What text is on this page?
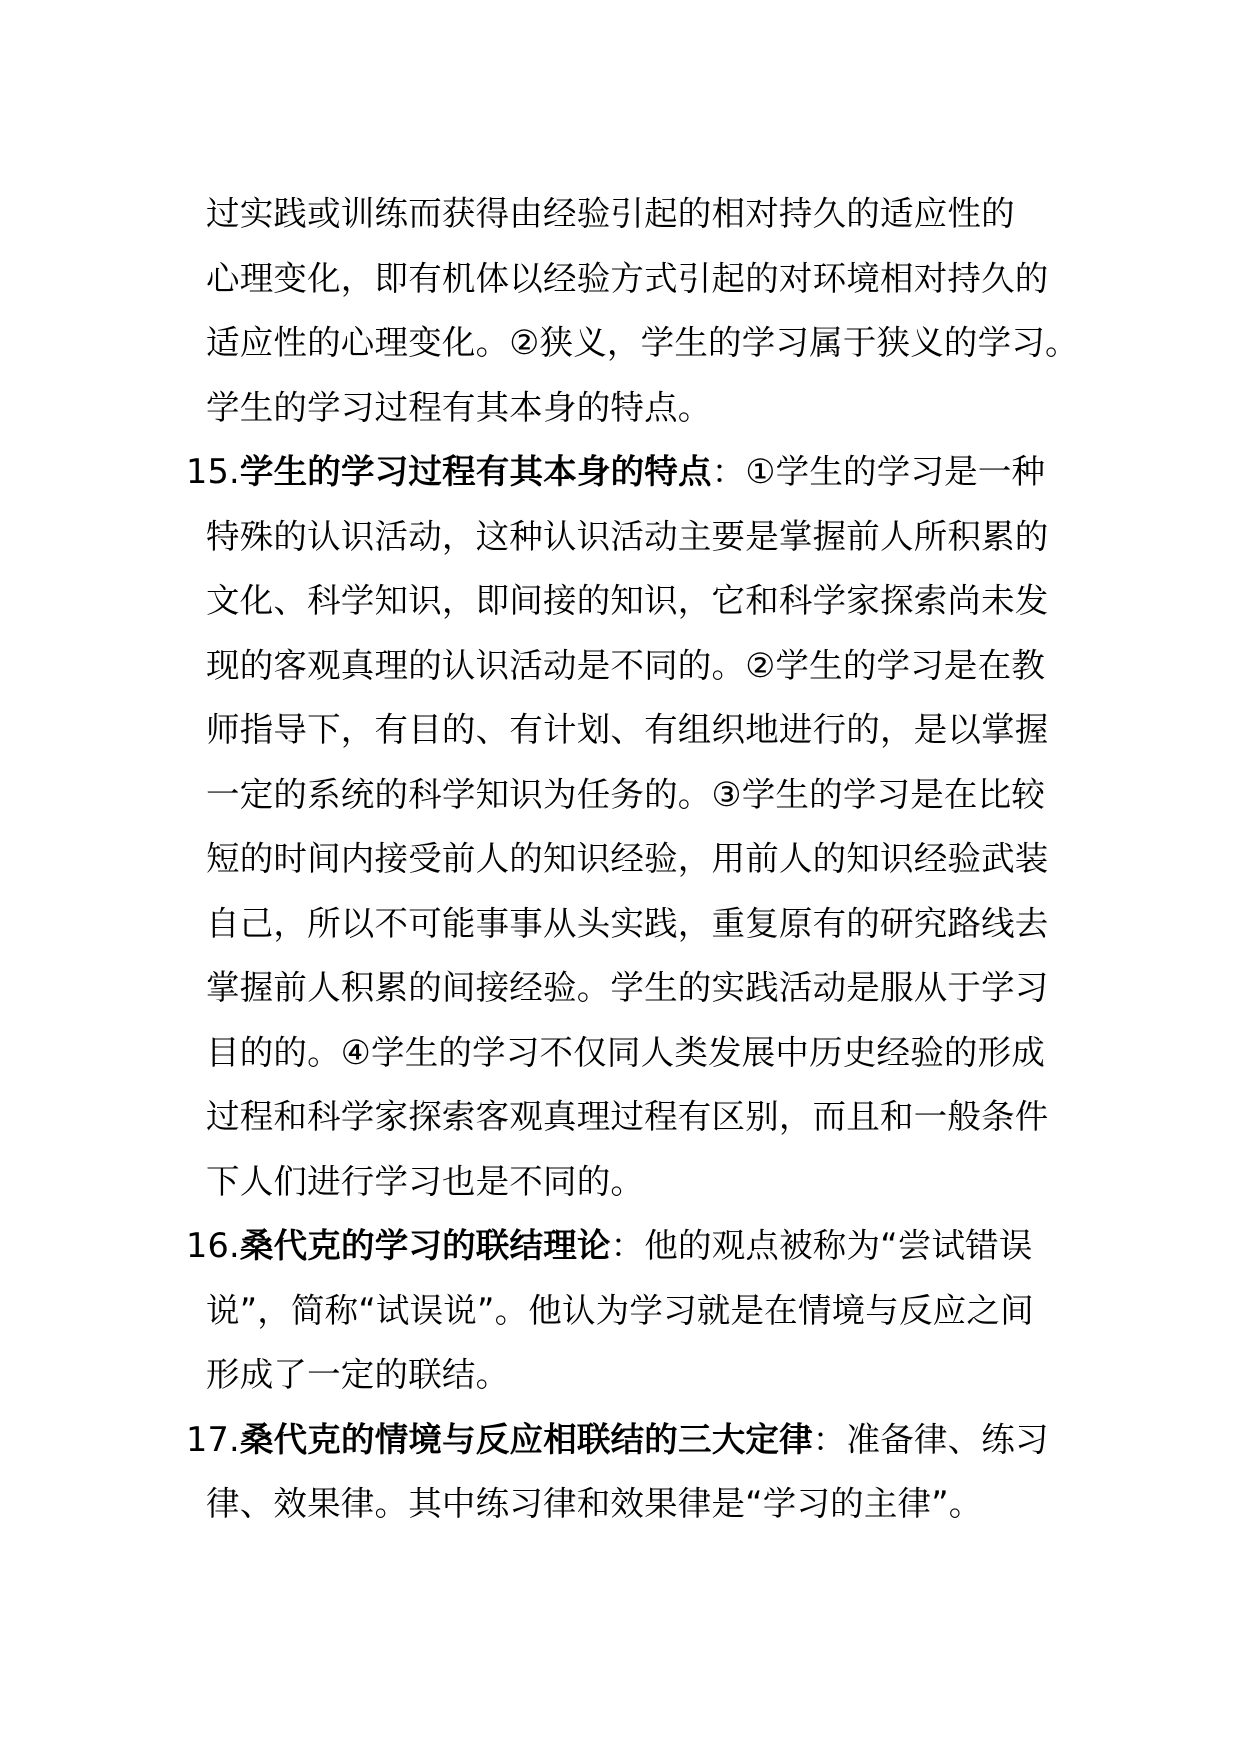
过实践或训练而获得由经验引起的相对持久的适应性的
心理变化，即有机体以经验方式引起的对环境相对持久的
适应性的心理变化。②狭义，学生的学习属于狭义的学习。
学生的学习过程有其本身的特点。
15.学生的学习过程有其本身的特点：①学生的学习是一种
特殊的认识活动，这种认识活动主要是掌握前人所积累的
文化、科学知识，即间接的知识，它和科学家探索尚未发
现的客观真理的认识活动是不同的。②学生的学习是在教
师指导下，有目的、有计划、有组织地进行的，是以掌握
一定的系统的科学知识为任务的。③学生的学习是在比较
短的时间内接受前人的知识经验，用前人的知识经验武装
自己，所以不可能事事从头实践，重复原有的研究路线去
掌握前人积累的间接经验。学生的实践活动是服从于学习
目的的。④学生的学习不仅同人类发展中历史经验的形成
过程和科学家探索客观真理过程有区别，而且和一般条件
下人们进行学习也是不同的。
16.桑代克的学习的联结理论：他的观点被称为“尝试错误
说”，简称“试误说”。他认为学习就是在情境与反应之间
形成了一定的联结。
17.桑代克的情境与反应相联结的三大定律：准备律、练习
律、效果律。其中练习律和效果律是“学习的主律”。
